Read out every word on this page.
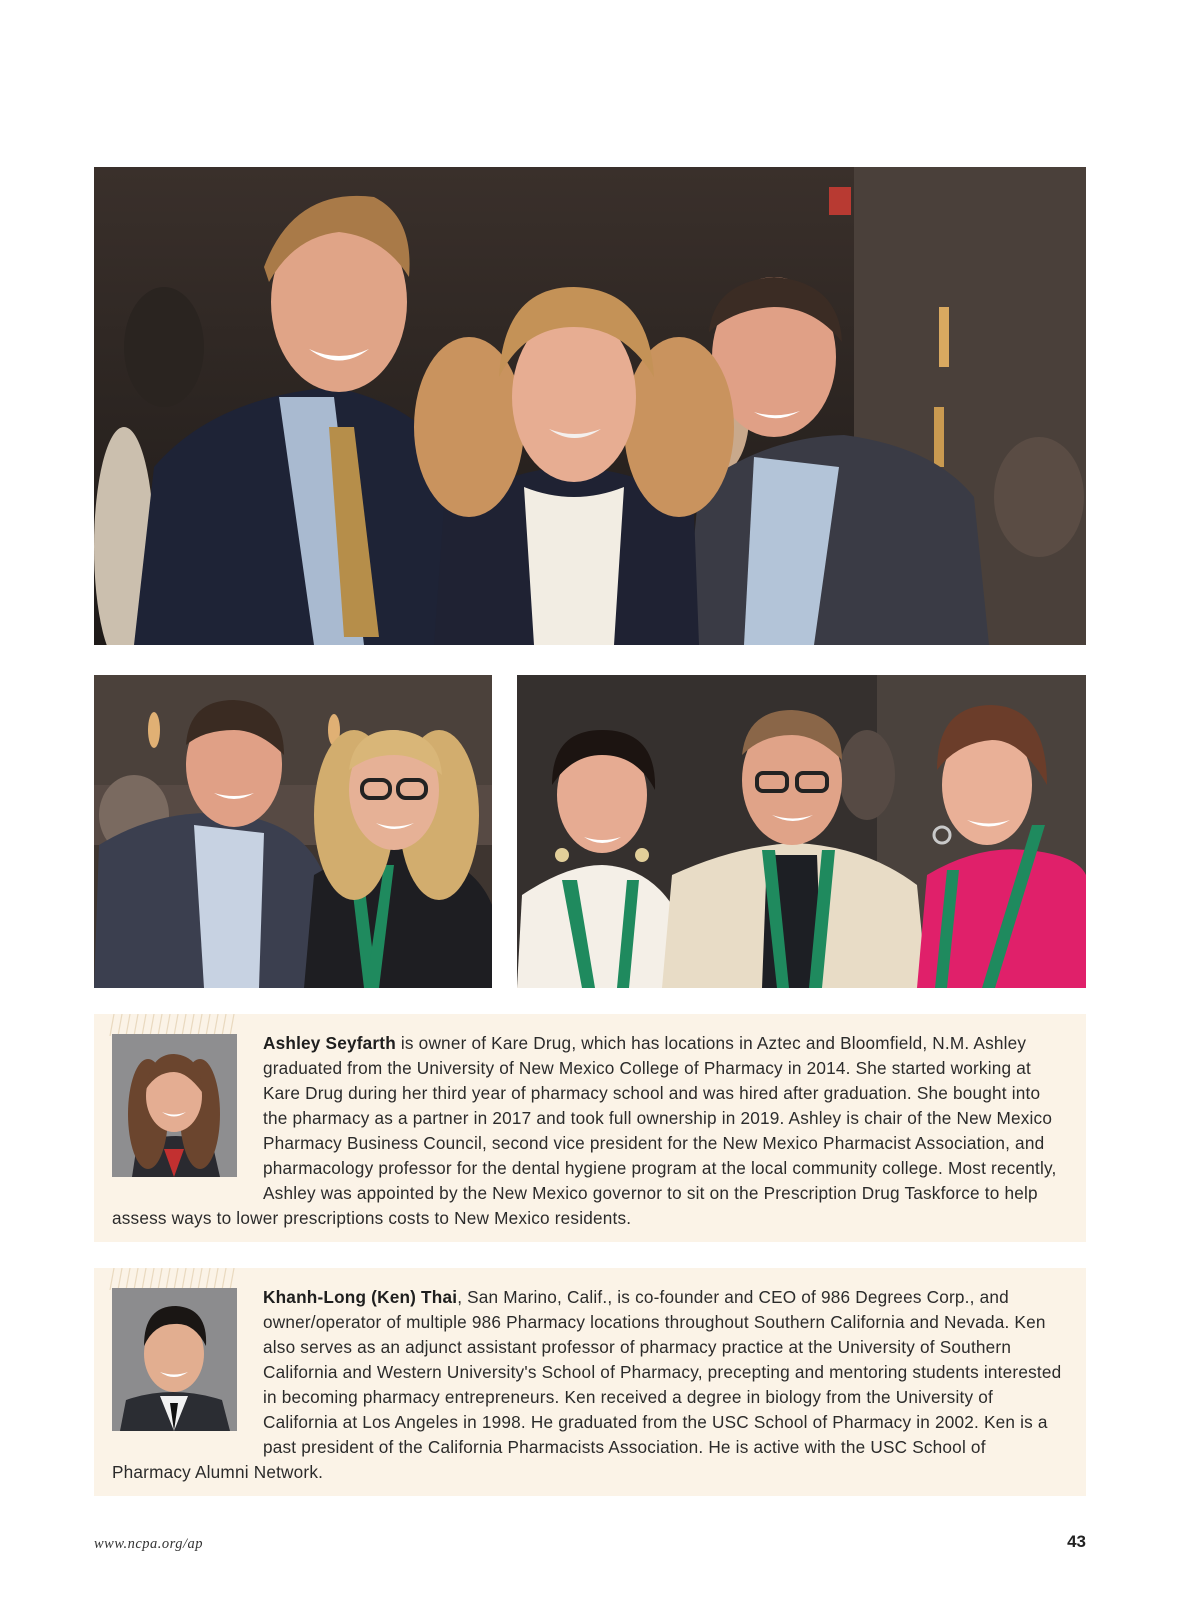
Ashley Seyfarth is owner of Kare Drug, which has locations in Aztec and Bloomfield, N.M. Ashley graduated from the University of New Mexico College of Pharmacy in 2014. She started working at Kare Drug during her third year of pharmacy school and was hired after graduation. She bought into the pharmacy as a partner in 2017 and took full ownership in 2019. Ashley is chair of the New Mexico Pharmacy Business Council, second vice president for the New Mexico Pharmacist Association, and pharmacology professor for the dental hygiene program at the local community college. Most recently, Ashley was appointed by the New Mexico governor to sit on the Prescription Drug Taskforce to help assess ways to lower prescriptions costs to New Mexico residents.

Khanh-Long (Ken) Thai, San Marino, Calif., is co-founder and CEO of 986 Degrees Corp., and owner/operator of multiple 986 Pharmacy locations throughout Southern California and Nevada. Ken also serves as an adjunct assistant professor of pharmacy practice at the University of Southern California and Western University's School of Pharmacy, precepting and mentoring students interested in becoming pharmacy entrepreneurs. Ken received a degree in biology from the University of California at Los Angeles in 1998. He graduated from the USC School of Pharmacy in 2002. Ken is a past president of the California Pharmacists Association. He is active with the USC School of Pharmacy Alumni Network.

www.ncpa.org/ap	43
